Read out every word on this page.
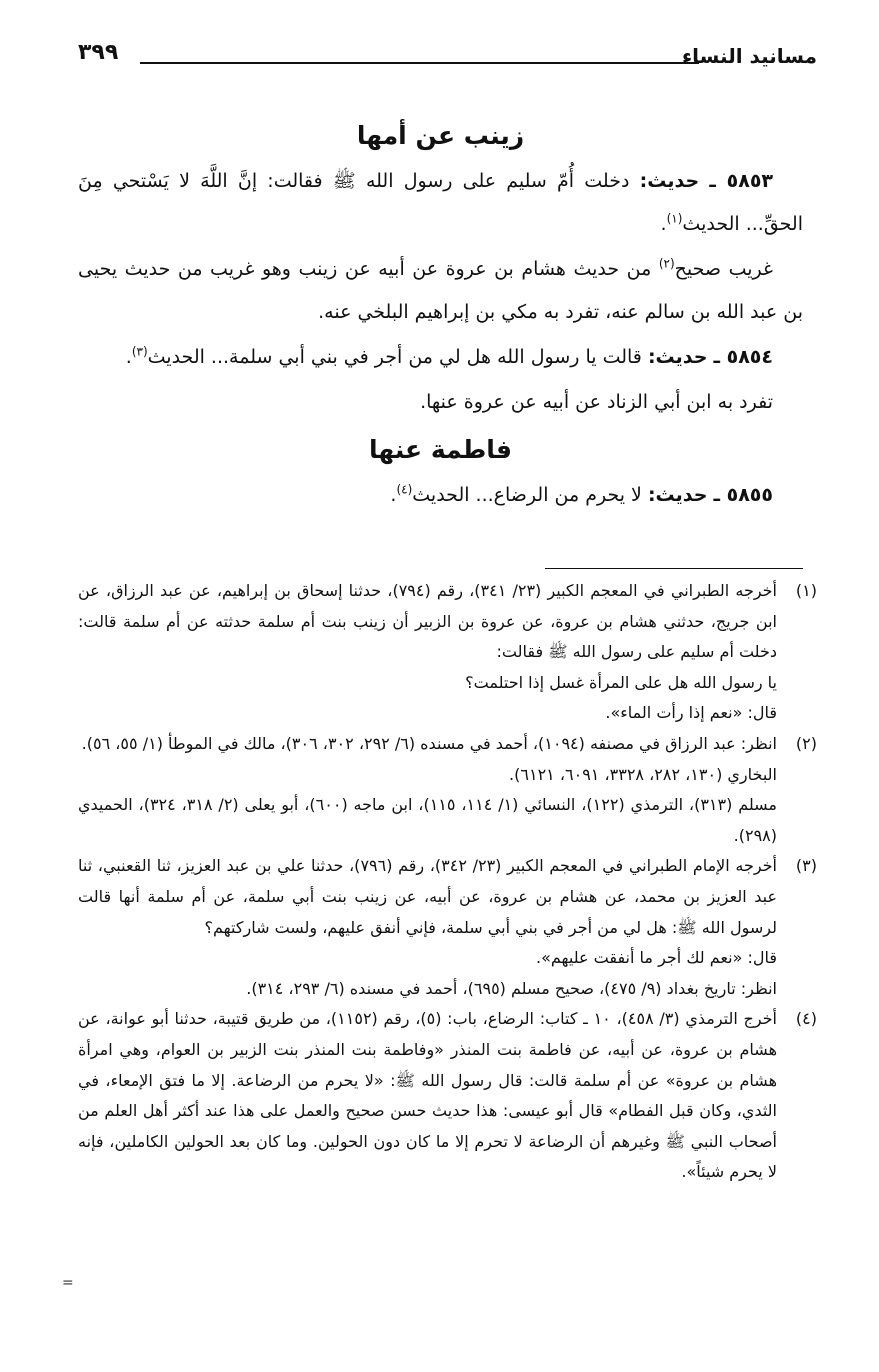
مسانيد النساء
٣٩٩
زينب عن أمها

٥٨٥٣ ـ حديث: دخلت أُمّ سليم على رسول الله ﷺ فقالت: إنَّ اللَّهَ لا يَسْتحي مِنَ الحقِّ... الحديث$^{(١)}$.

غريب صحيح$^{(٢)}$ من حديث هشام بن عروة عن أبيه عن زينب وهو غريب من حديث يحيى بن عبد الله بن سالم عنه، تفرد به مكي بن إبراهيم البلخي عنه.

٥٨٥٤ ـ حديث: قالت يا رسول الله هل لي من أجر في بني أبي سلمة... الحديث$^{(٣)}$.

تفرد به ابن أبي الزناد عن أبيه عن عروة عنها.

فاطمة عنها

٥٨٥٥ ـ حديث: لا يحرم من الرضاع... الحديث$^{(٤)}$.

(١)

أخرجه الطبراني في المعجم الكبير (٢٣/ ٣٤١)، رقم (٧٩٤)، حدثنا إسحاق بن إبراهيم، عن عبد الرزاق، عن ابن جريج، حدثني هشام بن عروة، عن عروة بن الزبير أن زينب بنت أم سلمة حدثته عن أم سلمة قالت: دخلت أم سليم على رسول الله ﷺ فقالت:

يا رسول الله هل على المرأة غسل إذا احتلمت؟

قال: «نعم إذا رأت الماء».

(٢)

انظر: عبد الرزاق في مصنفه (١٠٩٤)، أحمد في مسنده (٦/ ٢٩٢، ٣٠٢، ٣٠٦)، مالك في الموطأ (١/ ٥٥، ٥٦).

البخاري (١٣٠، ٢٨٢، ٣٣٢٨، ٦٠٩١، ٦١٢١).

مسلم (٣١٣)، الترمذي (١٢٢)، النسائي (١/ ١١٤، ١١٥)، ابن ماجه (٦٠٠)، أبو يعلى (٢/ ٣١٨، ٣٢٤)، الحميدي (٢٩٨).

(٣)

أخرجه الإمام الطبراني في المعجم الكبير (٢٣/ ٣٤٢)، رقم (٧٩٦)، حدثنا علي بن عبد العزيز، ثنا القعنبي، ثنا عبد العزيز بن محمد، عن هشام بن عروة، عن أبيه، عن زينب بنت أبي سلمة، عن أم سلمة أنها قالت لرسول الله ﷺ: هل لي من أجر في بني أبي سلمة، فإني أنفق عليهم، ولست شاركتهم؟

قال: «نعم لك أجر ما أنفقت عليهم».

انظر: تاريخ بغداد (٩/ ٤٧٥)، صحيح مسلم (٦٩٥)، أحمد في مسنده (٦/ ٢٩٣، ٣١٤).

(٤)

أخرج الترمذي (٣/ ٤٥٨)، ١٠ ـ كتاب: الرضاع، باب: (٥)، رقم (١١٥٢)، من طريق قتيبة، حدثنا أبو عوانة، عن هشام بن عروة، عن أبيه، عن فاطمة بنت المنذر «وفاطمة بنت المنذر بنت الزبير بن العوام، وهي امرأة هشام بن عروة» عن أم سلمة قالت: قال رسول الله ﷺ: «لا يحرم من الرضاعة. إلا ما فتق الإمعاء، في الثدي، وكان قبل الفطام» قال أبو عيسى: هذا حديث حسن صحيح والعمل على هذا عند أكثر أهل العلم من أصحاب النبي ﷺ وغيرهم أن الرضاعة لا تحرم إلا ما كان دون الحولين. وما كان بعد الحولين الكاملين، فإنه لا يحرم شيئاً».

=
